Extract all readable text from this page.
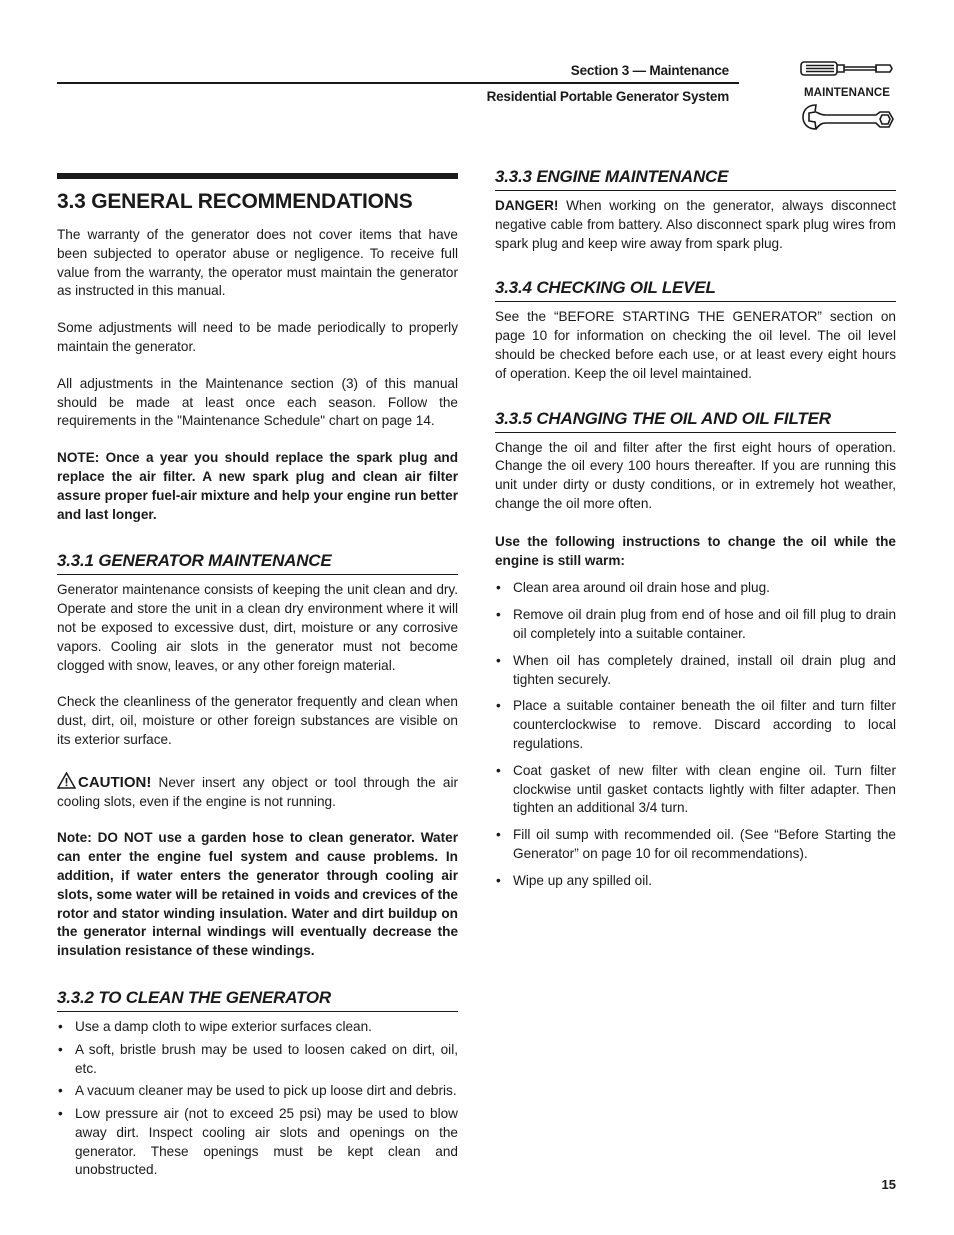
Section 3 — Maintenance
Residential Portable Generator System	MAINTENANCE
3.3 GENERAL RECOMMENDATIONS

The warranty of the generator does not cover items that have been subjected to operator abuse or negligence. To receive full value from the warranty, the operator must maintain the generator as instructed in this manual.

Some adjustments will need to be made periodically to properly maintain the generator.

All adjustments in the Maintenance section (3) of this manual should be made at least once each season. Follow the requirements in the "Maintenance Schedule" chart on page 14.

NOTE: Once a year you should replace the spark plug and replace the air filter. A new spark plug and clean air filter assure proper fuel-air mixture and help your engine run better and last longer.

3.3.1 GENERATOR MAINTENANCE

Generator maintenance consists of keeping the unit clean and dry. Operate and store the unit in a clean dry environment where it will not be exposed to excessive dust, dirt, moisture or any corrosive vapors. Cooling air slots in the generator must not become clogged with snow, leaves, or any other foreign material.

Check the cleanliness of the generator frequently and clean when dust, dirt, oil, moisture or other foreign substances are visible on its exterior surface.

CAUTION! Never insert any object or tool through the air cooling slots, even if the engine is not running.

Note: DO NOT use a garden hose to clean generator. Water can enter the engine fuel system and cause problems. In addition, if water enters the generator through cooling air slots, some water will be retained in voids and crevices of the rotor and stator winding insulation. Water and dirt buildup on the generator internal windings will eventually decrease the insulation resistance of these windings.

3.3.2 TO CLEAN THE GENERATOR
• Use a damp cloth to wipe exterior surfaces clean.
• A soft, bristle brush may be used to loosen caked on dirt, oil, etc.
• A vacuum cleaner may be used to pick up loose dirt and debris.
• Low pressure air (not to exceed 25 psi) may be used to blow away dirt. Inspect cooling air slots and openings on the generator. These openings must be kept clean and unobstructed.
3.3.3 ENGINE MAINTENANCE

DANGER! When working on the generator, always disconnect negative cable from battery. Also disconnect spark plug wires from spark plug and keep wire away from spark plug.

3.3.4 CHECKING OIL LEVEL

See the “BEFORE STARTING THE GENERATOR” section on page 10 for information on checking the oil level. The oil level should be checked before each use, or at least every eight hours of operation. Keep the oil level maintained.

3.3.5 CHANGING THE OIL AND OIL FILTER

Change the oil and filter after the first eight hours of operation. Change the oil every 100 hours thereafter. If you are running this unit under dirty or dusty conditions, or in extremely hot weather, change the oil more often.

Use the following instructions to change the oil while the engine is still warm:

• Clean area around oil drain hose and plug.
• Remove oil drain plug from end of hose and oil fill plug to drain oil completely into a suitable container.
• When oil has completely drained, install oil drain plug and tighten securely.
• Place a suitable container beneath the oil filter and turn filter counterclockwise to remove. Discard according to local regulations.
• Coat gasket of new filter with clean engine oil. Turn filter clockwise until gasket contacts lightly with filter adapter. Then tighten an additional 3/4 turn.
• Fill oil sump with recommended oil. (See “Before Starting the Generator” on page 10 for oil recommendations).
• Wipe up any spilled oil.
15
